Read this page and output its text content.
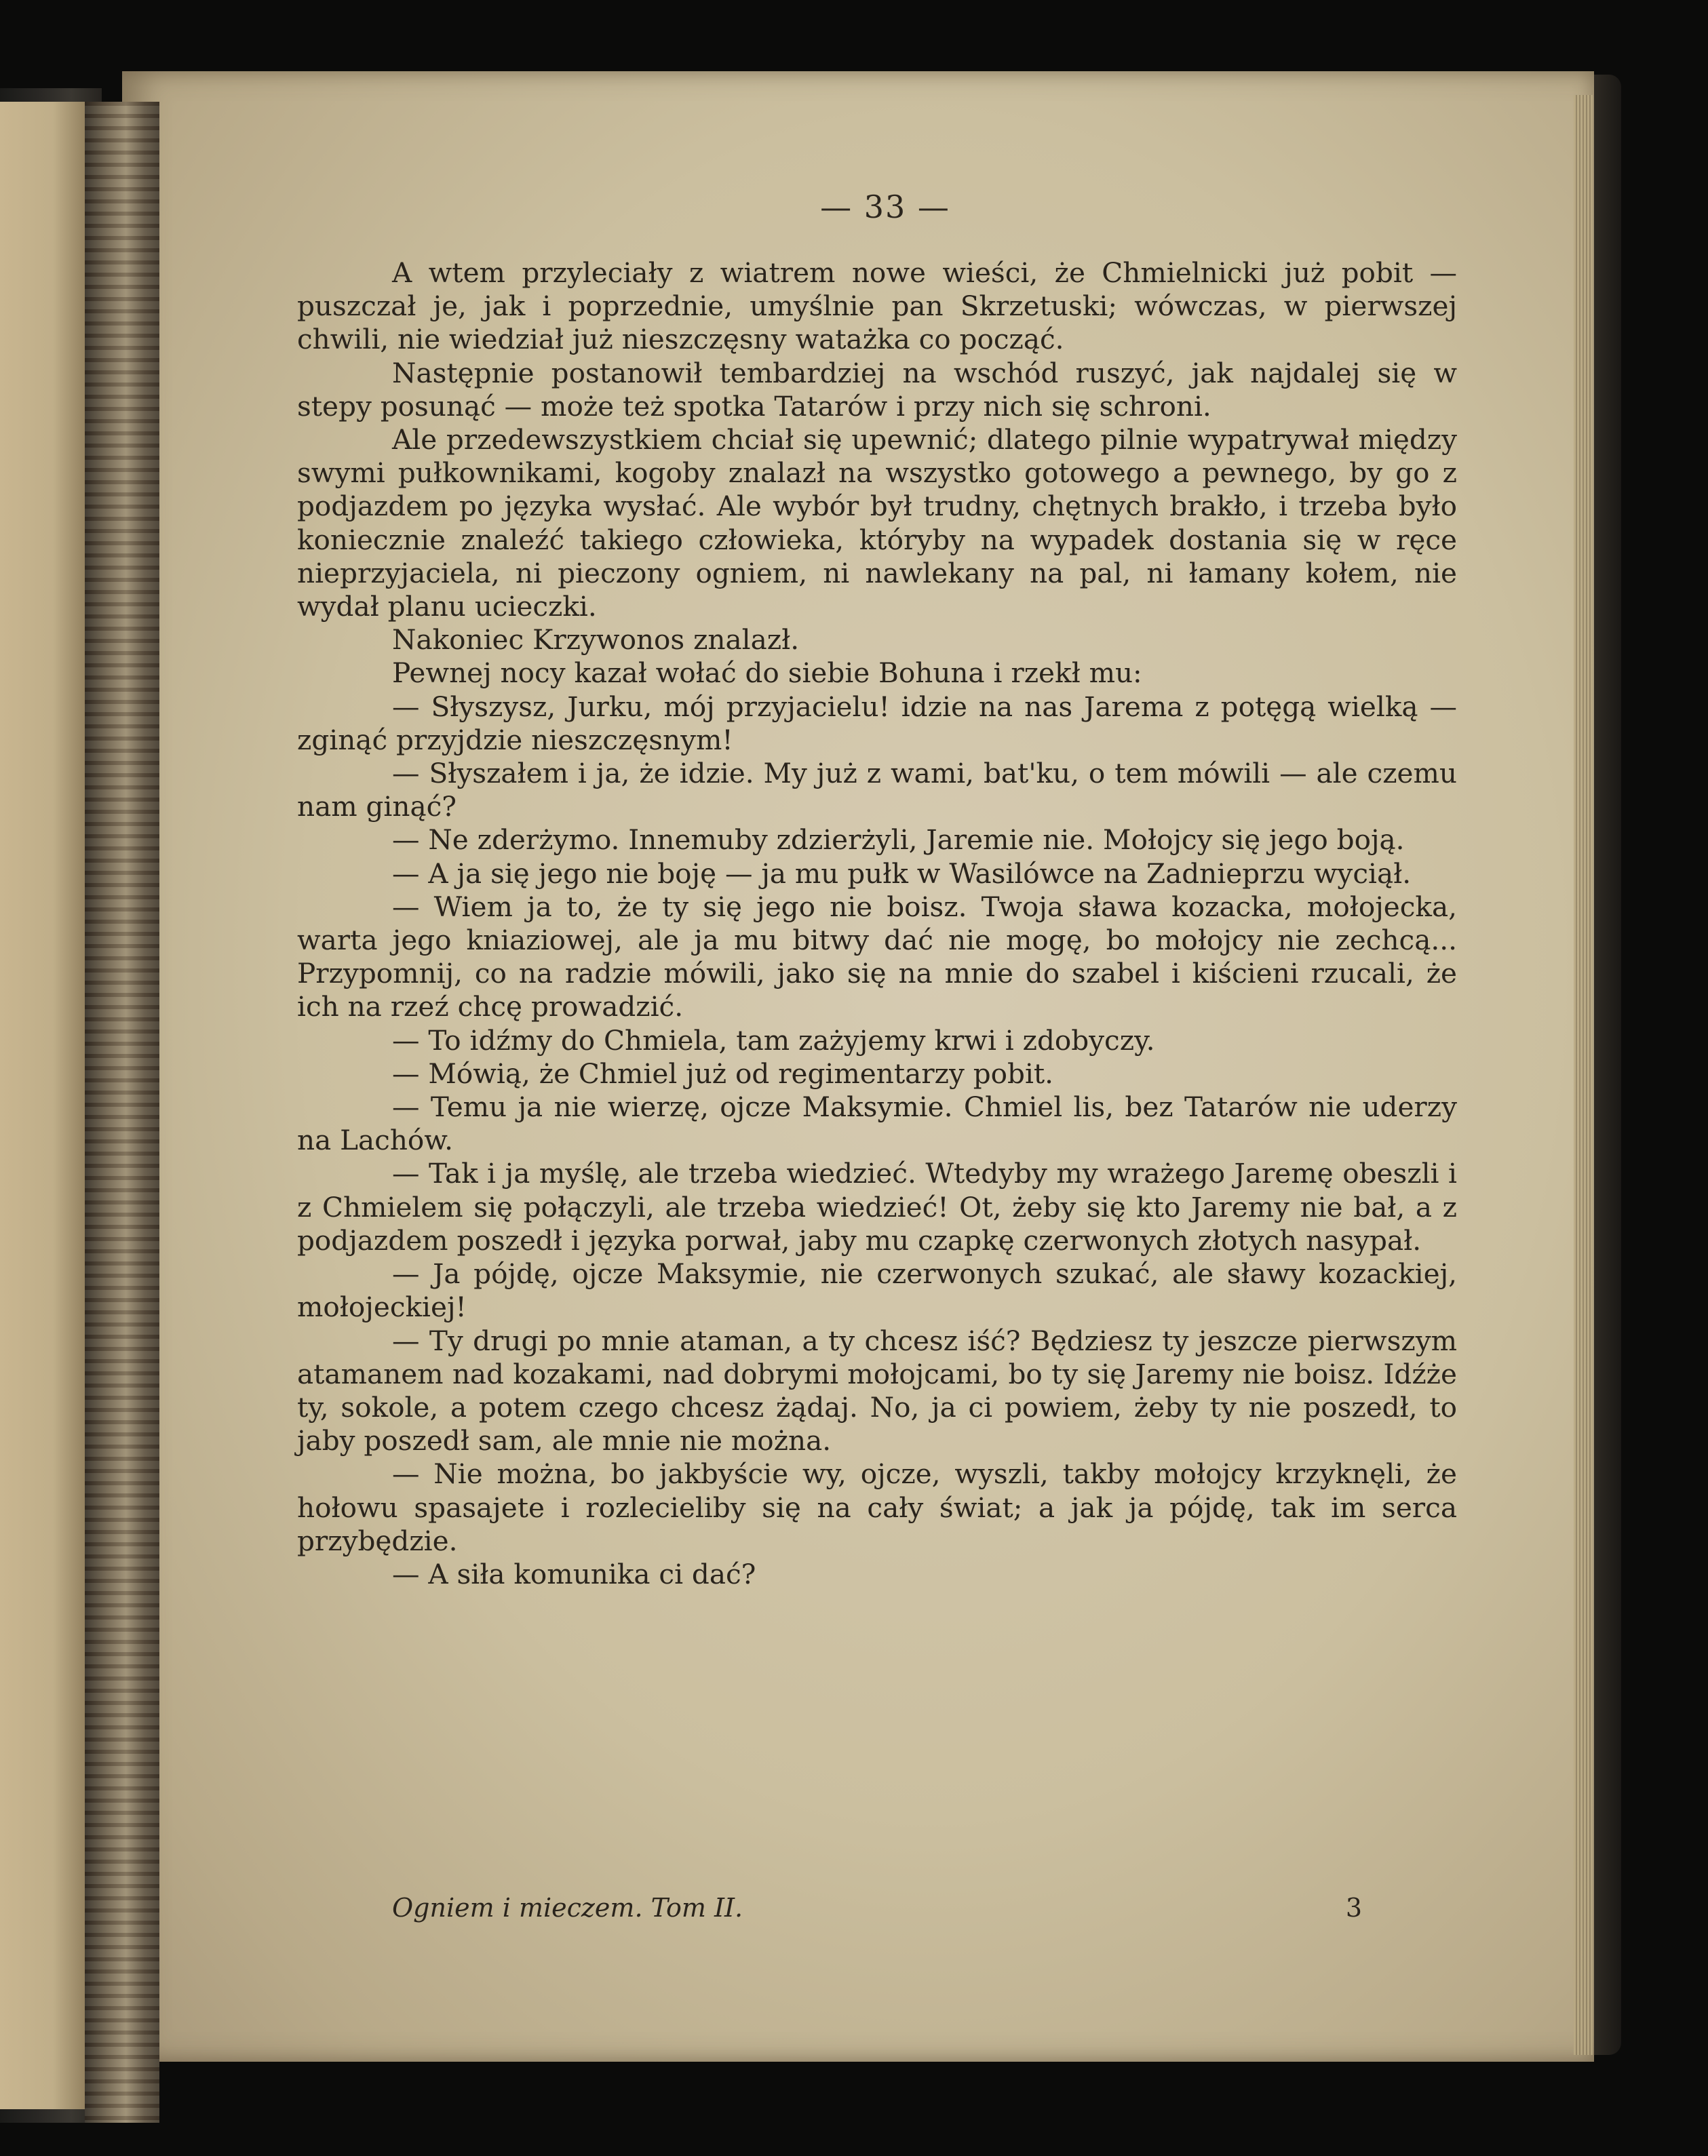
— 33 —

A wtem przyleciały z wiatrem nowe wieści, że Chmielnicki już pobit — puszczał je, jak i poprzednie, umyślnie pan Skrzetuski; wówczas, w pierwszej chwili, nie wiedział już nieszczęsny watażka co począć.

Następnie postanowił tembardziej na wschód ruszyć, jak najdalej się w stepy posunąć — może też spotka Tatarów i przy nich się schroni.

Ale przedewszystkiem chciał się upewnić; dlatego pilnie wypatrywał między swymi pułkownikami, kogoby znalazł na wszystko gotowego a pewnego, by go z podjazdem po języka wysłać. Ale wybór był trudny, chętnych brakło, i trzeba było koniecznie znaleźć takiego człowieka, któryby na wypadek dostania się w ręce nieprzyjaciela, ni pieczony ogniem, ni nawlekany na pal, ni łamany kołem, nie wydał planu ucieczki.

Nakoniec Krzywonos znalazł.

Pewnej nocy kazał wołać do siebie Bohuna i rzekł mu:

— Słyszysz, Jurku, mój przyjacielu! idzie na nas Jarema z potęgą wielką — zginąć przyjdzie nieszczęsnym!

— Słyszałem i ja, że idzie. My już z wami, bat'ku, o tem mówili — ale czemu nam ginąć?

— Ne zderżymo. Innemuby zdzierżyli, Jaremie nie. Mołojcy się jego boją.

— A ja się jego nie boję — ja mu pułk w Wasilówce na Zadnieprzu wyciął.

— Wiem ja to, że ty się jego nie boisz. Twoja sława kozacka, mołojecka, warta jego kniaziowej, ale ja mu bitwy dać nie mogę, bo mołojcy nie zechcą... Przypomnij, co na radzie mówili, jako się na mnie do szabel i kiścieni rzucali, że ich na rzeź chcę prowadzić.

— To idźmy do Chmiela, tam zażyjemy krwi i zdobyczy.

— Mówią, że Chmiel już od regimentarzy pobit.

— Temu ja nie wierzę, ojcze Maksymie. Chmiel lis, bez Tatarów nie uderzy na Lachów.

— Tak i ja myślę, ale trzeba wiedzieć. Wtedyby my wrażego Jaremę obeszli i z Chmielem się połączyli, ale trzeba wiedzieć! Ot, żeby się kto Jaremy nie bał, a z podjazdem poszedł i języka porwał, jaby mu czapkę czerwonych złotych nasypał.

— Ja pójdę, ojcze Maksymie, nie czerwonych szukać, ale sławy kozackiej, mołojeckiej!

— Ty drugi po mnie ataman, a ty chcesz iść? Będziesz ty jeszcze pierwszym atamanem nad kozakami, nad dobrymi mołojcami, bo ty się Jaremy nie boisz. Idźże ty, sokole, a potem czego chcesz żądaj. No, ja ci powiem, żeby ty nie poszedł, to jaby poszedł sam, ale mnie nie można.

— Nie można, bo jakbyście wy, ojcze, wyszli, takby mołojcy krzyknęli, że hołowu spasajete i rozlecieliby się na cały świat; a jak ja pójdę, tak im serca przybędzie.

— A siła komunika ci dać?

Ogniem i mieczem. Tom II.	3
